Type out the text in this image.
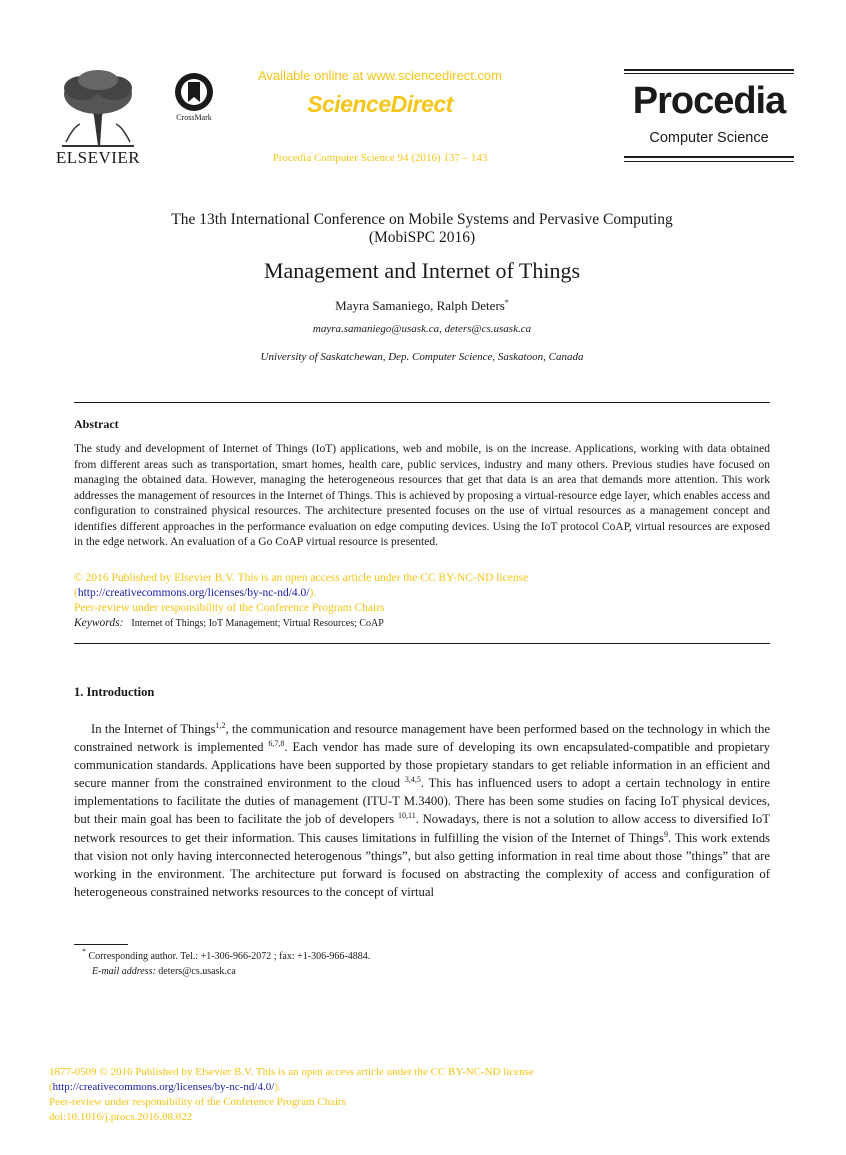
ELSEVIER
CrossMark
Available online at www.sciencedirect.com
ScienceDirect
Procedia Computer Science 94 (2016) 137 – 143
Procedia
Computer Science
The 13th International Conference on Mobile Systems and Pervasive Computing
(MobiSPC 2016)
Management and Internet of Things
Mayra Samaniego, Ralph Deters*
mayra.samaniego@usask.ca, deters@cs.usask.ca
University of Saskatchewan, Dep. Computer Science, Saskatoon, Canada
Abstract
The study and development of Internet of Things (IoT) applications, web and mobile, is on the increase. Applications, working with data obtained from different areas such as transportation, smart homes, health care, public services, industry and many others. Previous studies have focused on managing the obtained data. However, managing the heterogeneous resources that get that data is an area that demands more attention. This work addresses the management of resources in the Internet of Things. This is achieved by proposing a virtual-resource edge layer, which enables access and configuration to constrained physical resources. The architecture presented focuses on the use of virtual resources as a management concept and identifies different approaches in the performance evaluation on edge computing devices. Using the IoT protocol CoAP, virtual resources are exposed in the edge network. An evaluation of a Go CoAP virtual resource is presented.
© 2016 Published by Elsevier B.V. This is an open access article under the CC BY-NC-ND license
(http://creativecommons.org/licenses/by-nc-nd/4.0/).
Peer-review under responsibility of the Conference Program Chairs
Keywords: Internet of Things; IoT Management; Virtual Resources; CoAP
1. Introduction

In the Internet of Things$^{1,2}$, the communication and resource management have been performed based on the technology in which the constrained network is implemented $^{6,7,8}$. Each vendor has made sure of developing its own encapsulated-compatible and propietary communication standards. Applications have been supported by those propietary standars to get reliable information in an efficient and secure manner from the constrained environment to the cloud $^{3,4,5}$. This has influenced users to adopt a certain technology in entire implementations to facilitate the duties of management (ITU-T M.3400). There has been some studies on facing IoT physical devices, but their main goal has been to facilitate the job of developers $^{10,11}$. Nowadays, there is not a solution to allow access to diversified IoT network resources to get their information. This causes limitations in fulfilling the vision of the Internet of Things$^9$. This work extends that vision not only having interconnected heterogenous ”things”, but also getting information in real time about those ”things” that are working in the environment. The architecture put forward is focused on abstracting the complexity of access and configuration of heterogeneous constrained networks resources to the concept of virtual

* Corresponding author. Tel.: +1-306-966-2072 ; fax: +1-306-966-4884.
E-mail address: deters@cs.usask.ca
1877-0509 © 2016 Published by Elsevier B.V. This is an open access article under the CC BY-NC-ND license
(http://creativecommons.org/licenses/by-nc-nd/4.0/).
Peer-review under responsibility of the Conference Program Chairs
doi:10.1016/j.procs.2016.08.022
